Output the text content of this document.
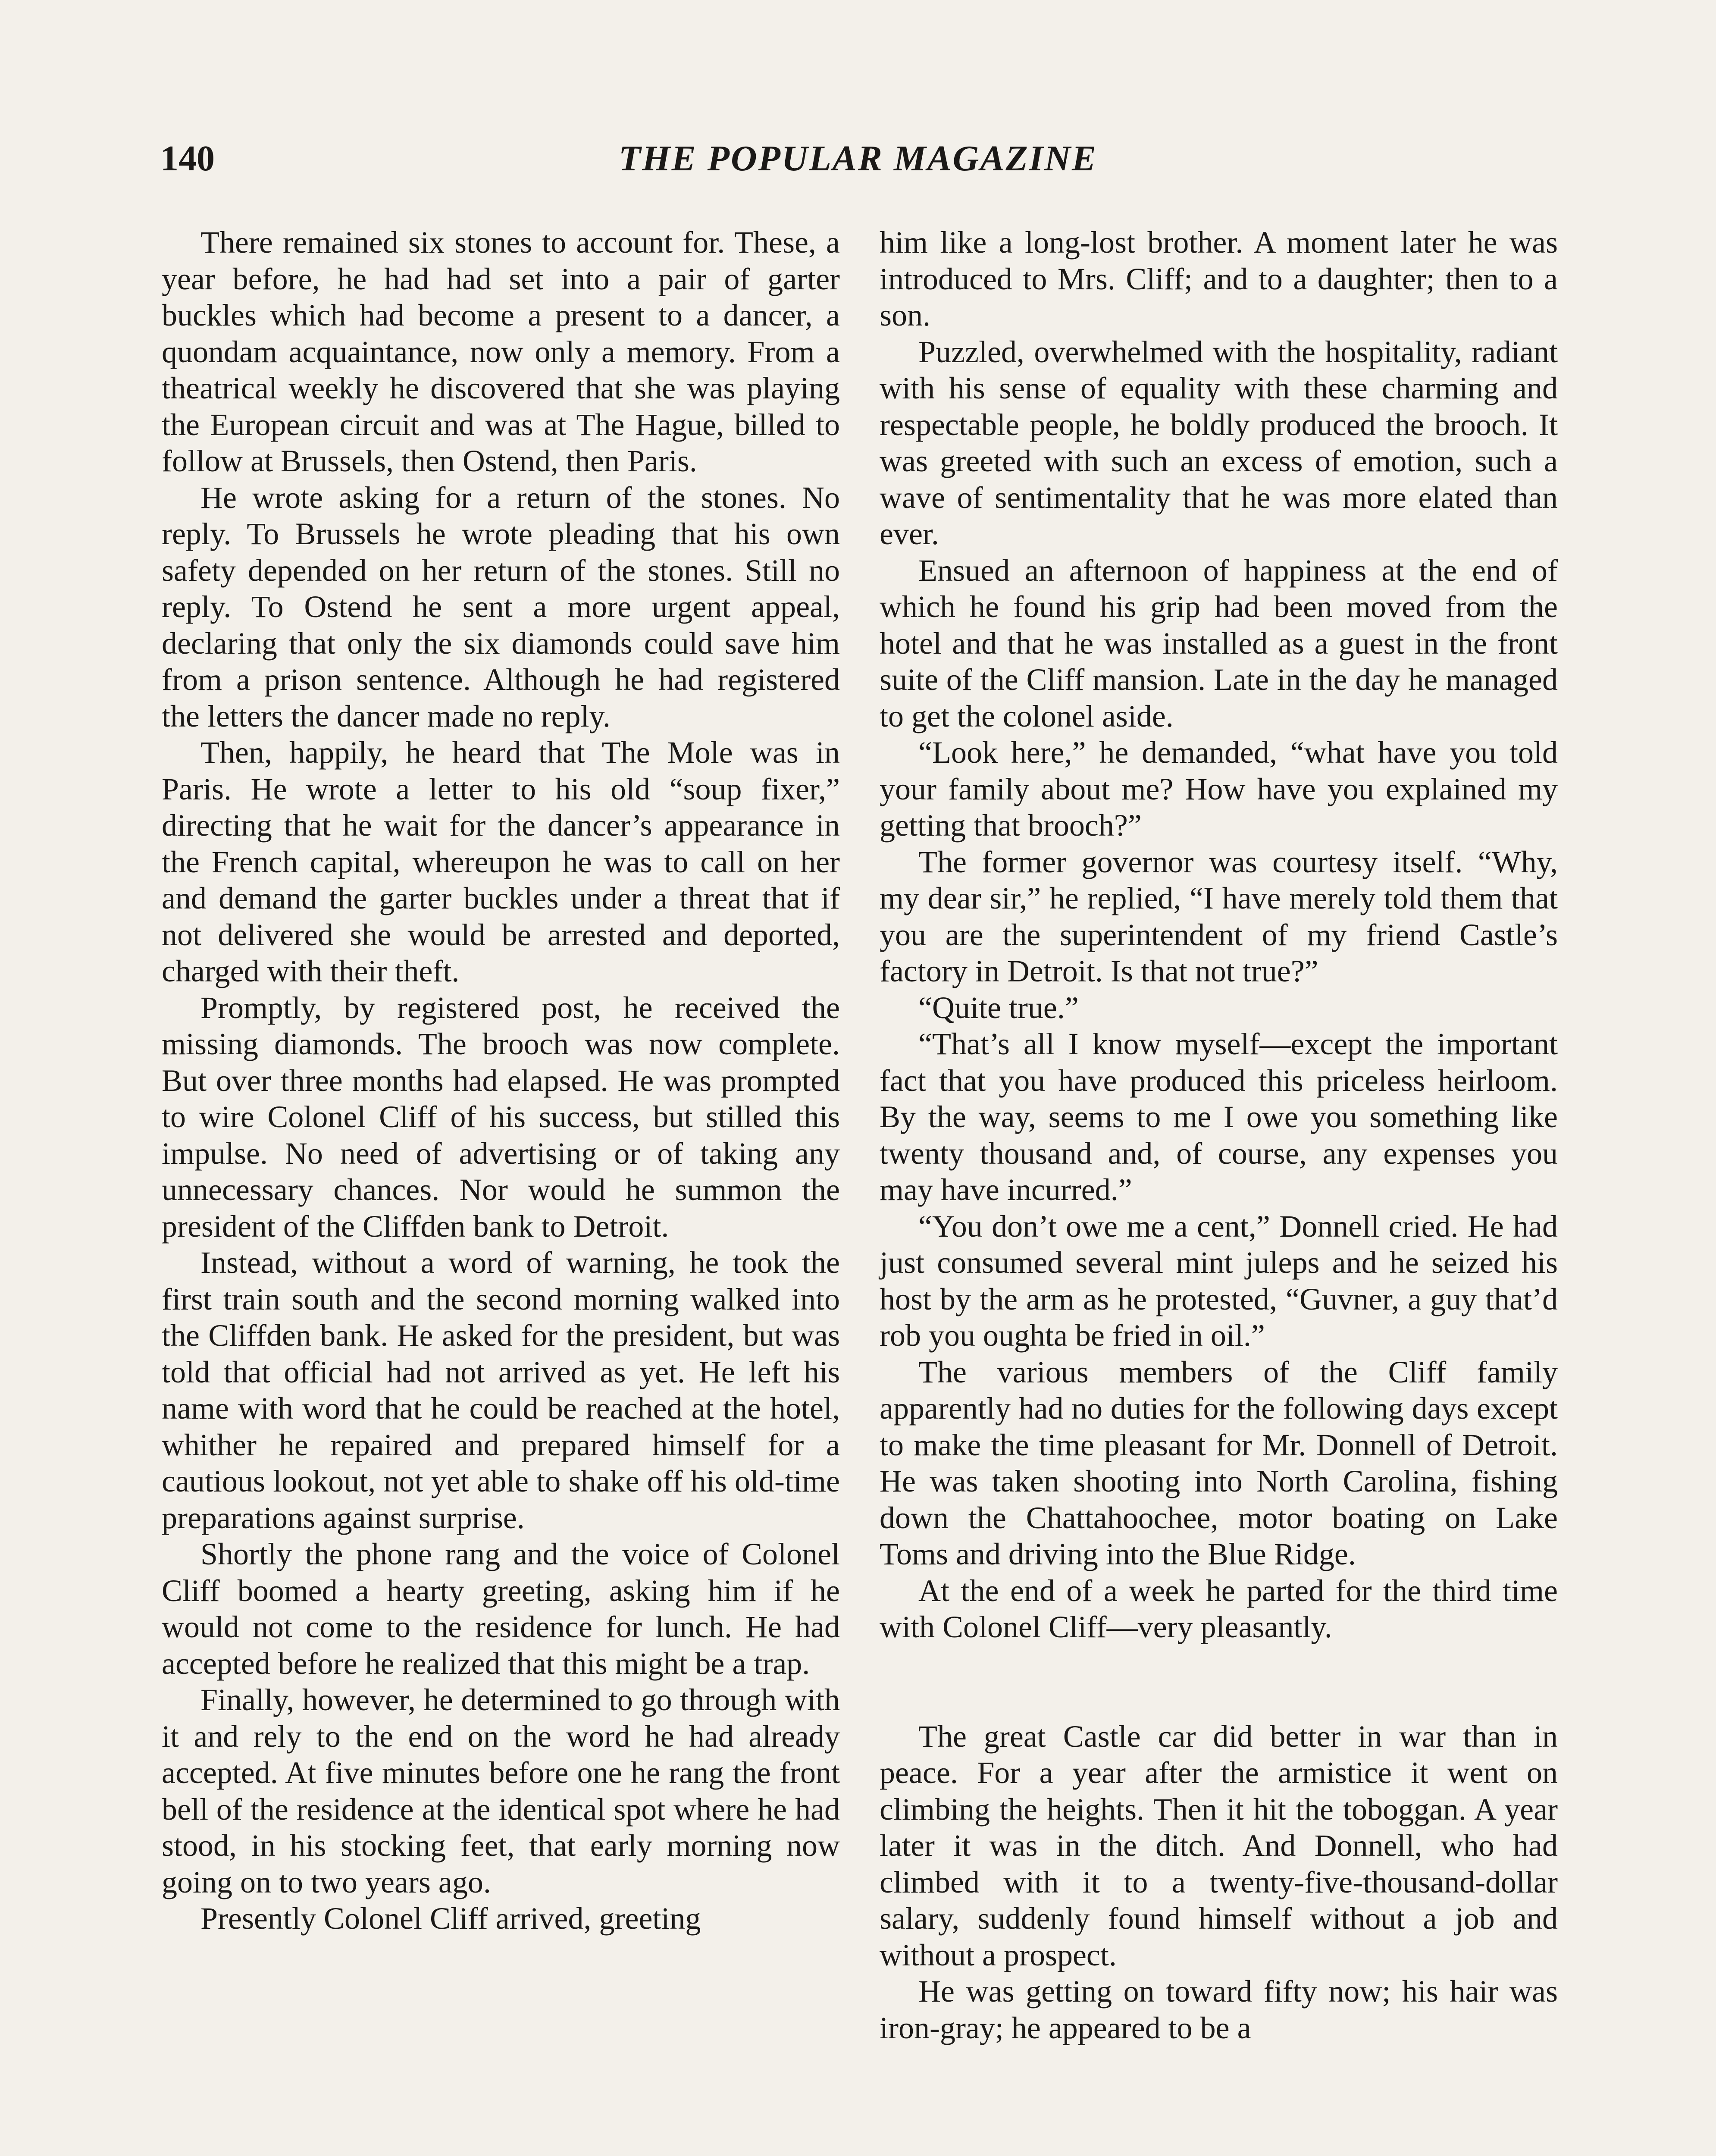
140	THE POPULAR MAGAZINE

There remained six stones to account for. These, a year before, he had had set into a pair of garter buckles which had become a present to a dancer, a quondam acquaintance, now only a memory. From a theatrical weekly he discovered that she was playing the European circuit and was at The Hague, billed to follow at Brussels, then Ostend, then Paris.

He wrote asking for a return of the stones. No reply. To Brussels he wrote pleading that his own safety depended on her return of the stones. Still no reply. To Ostend he sent a more urgent appeal, declaring that only the six diamonds could save him from a prison sentence. Although he had registered the letters the dancer made no reply.

Then, happily, he heard that The Mole was in Paris. He wrote a letter to his old “soup fixer,” directing that he wait for the dancer’s appearance in the French capital, whereupon he was to call on her and demand the garter buckles under a threat that if not delivered she would be arrested and deported, charged with their theft.

Promptly, by registered post, he received the missing diamonds. The brooch was now complete. But over three months had elapsed. He was prompted to wire Colonel Cliff of his success, but stilled this impulse. No need of advertising or of taking any unnecessary chances. Nor would he summon the president of the Cliffden bank to Detroit.

Instead, without a word of warning, he took the first train south and the second morning walked into the Cliffden bank. He asked for the president, but was told that official had not arrived as yet. He left his name with word that he could be reached at the hotel, whither he repaired and prepared himself for a cautious lookout, not yet able to shake off his old-time preparations against surprise.

Shortly the phone rang and the voice of Colonel Cliff boomed a hearty greeting, asking him if he would not come to the residence for lunch. He had accepted before he realized that this might be a trap.

Finally, however, he determined to go through with it and rely to the end on the word he had already accepted. At five minutes before one he rang the front bell of the residence at the identical spot where he had stood, in his stocking feet, that early morning now going on to two years ago.

Presently Colonel Cliff arrived, greeting

him like a long-lost brother. A moment later he was introduced to Mrs. Cliff; and to a daughter; then to a son.

Puzzled, overwhelmed with the hospitality, radiant with his sense of equality with these charming and respectable people, he boldly produced the brooch. It was greeted with such an excess of emotion, such a wave of sentimentality that he was more elated than ever.

Ensued an afternoon of happiness at the end of which he found his grip had been moved from the hotel and that he was installed as a guest in the front suite of the Cliff mansion. Late in the day he managed to get the colonel aside.

“Look here,” he demanded, “what have you told your family about me? How have you explained my getting that brooch?”

The former governor was courtesy itself. “Why, my dear sir,” he replied, “I have merely told them that you are the superintendent of my friend Castle’s factory in Detroit. Is that not true?”

“Quite true.”

“That’s all I know myself—except the important fact that you have produced this priceless heirloom. By the way, seems to me I owe you something like twenty thousand and, of course, any expenses you may have incurred.”

“You don’t owe me a cent,” Donnell cried. He had just consumed several mint juleps and he seized his host by the arm as he protested, “Guvner, a guy that’d rob you oughta be fried in oil.”

The various members of the Cliff family apparently had no duties for the following days except to make the time pleasant for Mr. Donnell of Detroit. He was taken shooting into North Carolina, fishing down the Chattahoochee, motor boating on Lake Toms and driving into the Blue Ridge.

At the end of a week he parted for the third time with Colonel Cliff—very pleasantly.

The great Castle car did better in war than in peace. For a year after the armistice it went on climbing the heights. Then it hit the toboggan. A year later it was in the ditch. And Donnell, who had climbed with it to a twenty-five-thousand-dollar salary, suddenly found himself without a job and without a prospect.

He was getting on toward fifty now; his hair was iron-gray; he appeared to be a
